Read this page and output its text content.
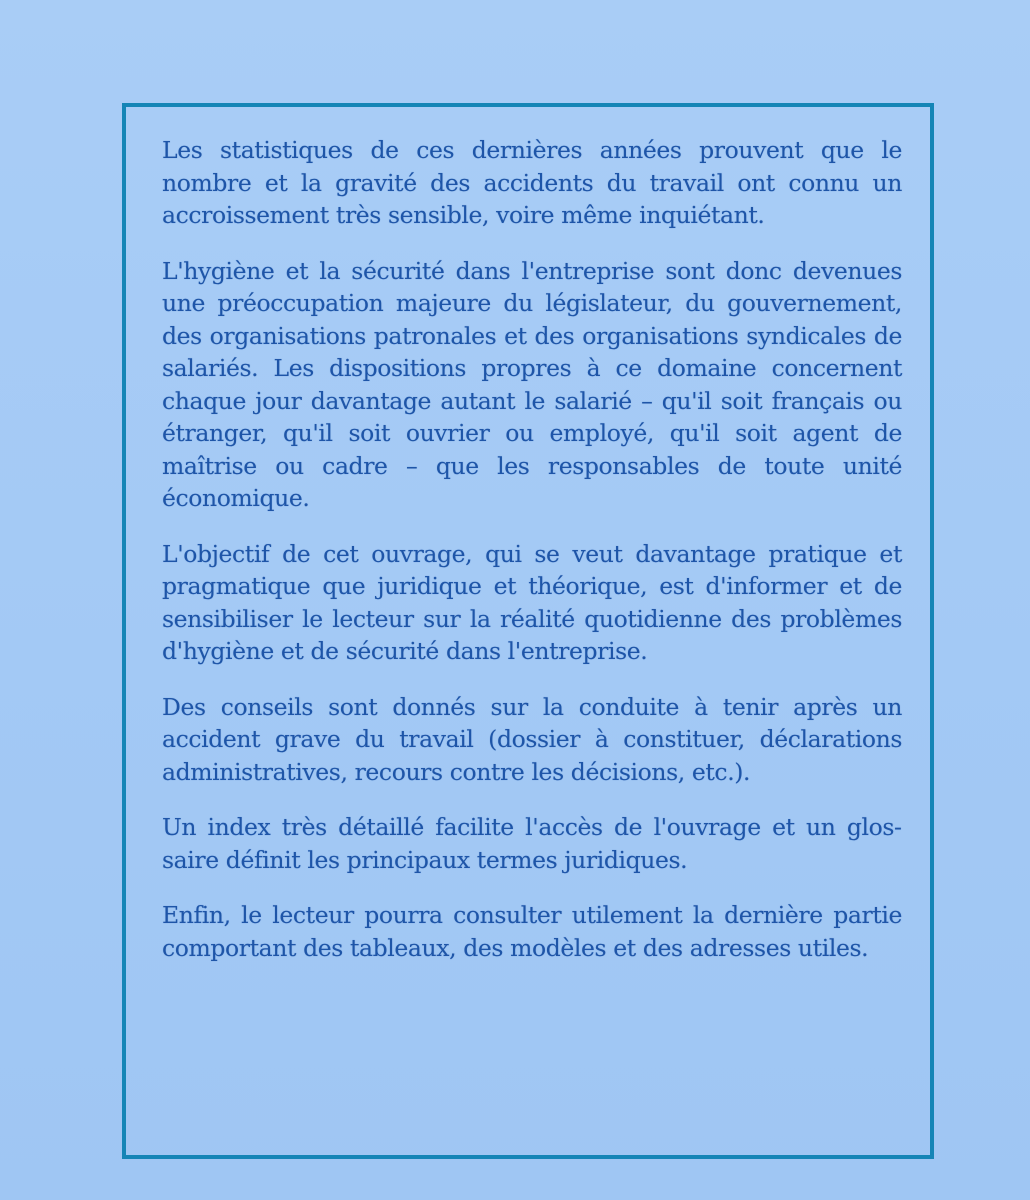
Les statistiques de ces dernières années prouvent que le nombre et la gravité des accidents du travail ont connu un accroissement très sensible, voire même inquiétant.

L'hygiène et la sécurité dans l'entreprise sont donc devenues une préoccupation majeure du législateur, du gouvernement, des organisations patronales et des organisations syndicales de salariés. Les dispositions propres à ce domaine concernent chaque jour davantage autant le salarié – qu'il soit français ou étranger, qu'il soit ouvrier ou employé, qu'il soit agent de maîtrise ou cadre – que les responsables de toute unité économique.

L'objectif de cet ouvrage, qui se veut davantage pratique et pragmatique que juridique et théorique, est d'informer et de sensibiliser le lecteur sur la réalité quotidienne des problèmes d'hygiène et de sécurité dans l'entreprise.

Des conseils sont donnés sur la conduite à tenir après un accident grave du travail (dossier à constituer, déclarations administratives, recours contre les décisions, etc.).

Un index très détaillé facilite l'accès de l'ouvrage et un glossaire définit les principaux termes juridiques.

Enfin, le lecteur pourra consulter utilement la dernière partie comportant des tableaux, des modèles et des adresses utiles.
